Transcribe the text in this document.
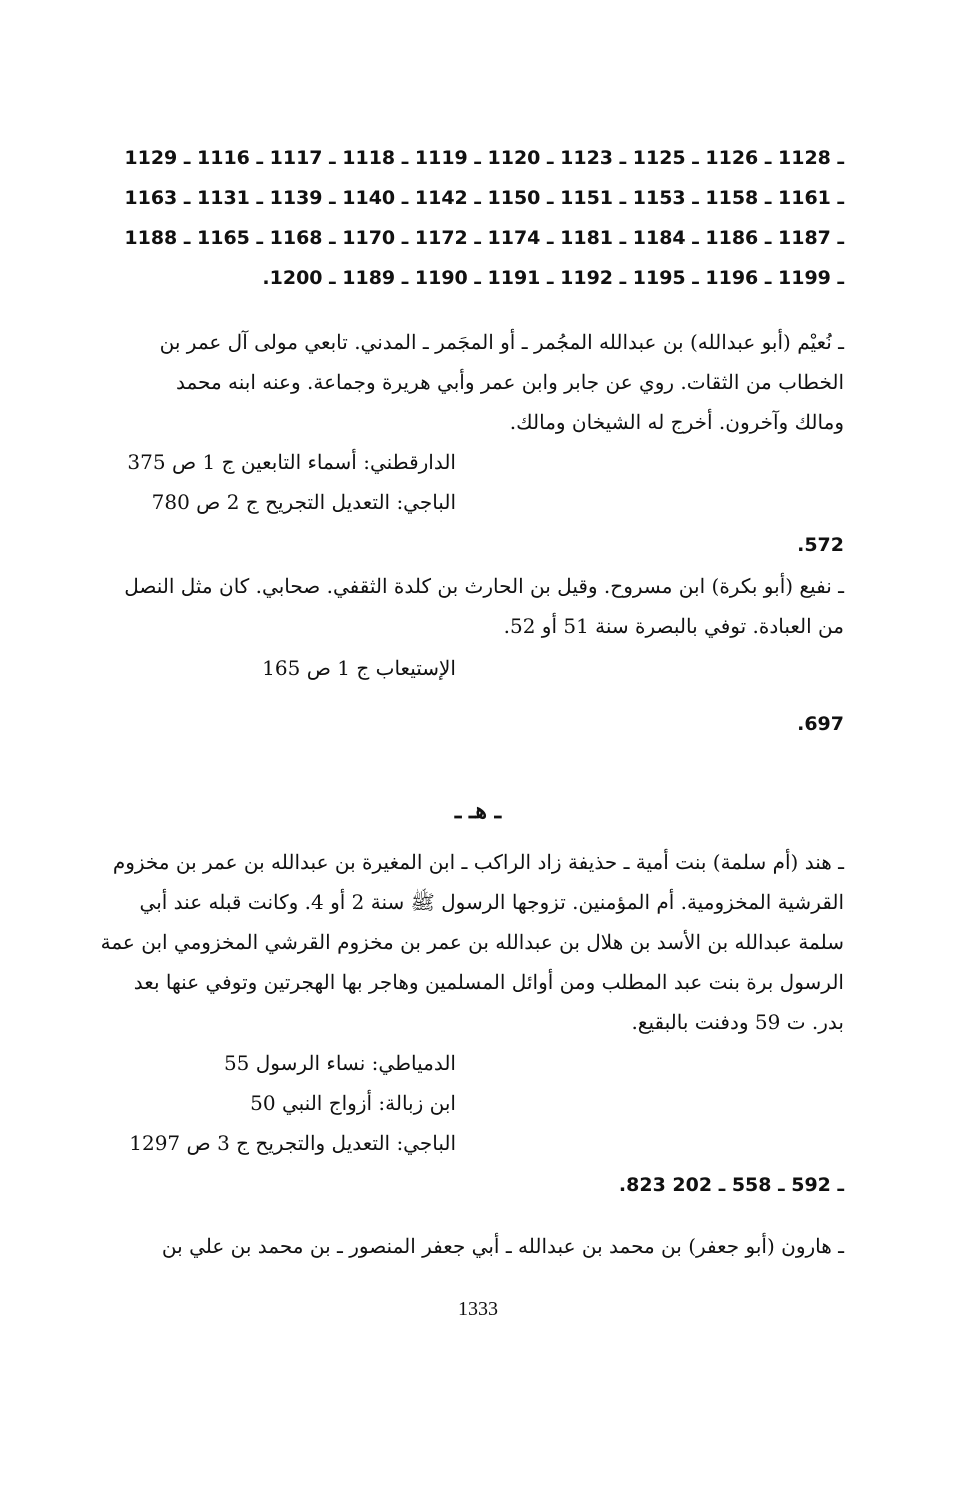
1129 ـ 1128 ـ 1126 ـ 1125 ـ 1123 ـ 1120 ـ 1119 ـ 1118 ـ 1117 ـ 1116 ـ

1163 ـ 1161 ـ 1158 ـ 1153 ـ 1151 ـ 1150 ـ 1142 ـ 1140 ـ 1139 ـ 1131 ـ

1188 ـ 1187 ـ 1186 ـ 1184 ـ 1181 ـ 1174 ـ 1172 ـ 1170 ـ 1168 ـ 1165 ـ

.1200 ـ 1199 ـ 1196 ـ 1195 ـ 1192 ـ 1191 ـ 1190 ـ 1189 ـ

ـ نُعيْم (أبو عبدالله) بن عبدالله المجُمر ـ أو المجَمر ـ المدني. تابعي مولى آل عمر بن

الخطاب من الثقات. روي عن جابر وابن عمر وأبي هريرة وجماعة. وعنه ابنه محمد

ومالك وآخرون. أخرج له الشيخان ومالك.

الدارقطني: أسماء التابعين ج 1 ص 375
الباجي: التعديل التجريح ج 2 ص 780
.572

ـ نفيع (أبو بكرة) ابن مسروح. وقيل بن الحارث بن كلدة الثقفي. صحابي. كان مثل النصل

من العبادة. توفي بالبصرة سنة 51 أو 52.

الإستيعاب ج 1 ص 165
.697
ـ هـ ـ

ـ هند (أم سلمة) بنت أمية ـ حذيفة زاد الراكب ـ ابن المغيرة بن عبدالله بن عمر بن مخزوم

القرشية المخزومية. أم المؤمنين. تزوجها الرسول ﷺ سنة 2 أو 4. وكانت قبله عند أبي

سلمة عبدالله بن الأسد بن هلال بن عبدالله بن عمر بن مخزوم القرشي المخزومي ابن عمة

الرسول برة بنت عبد المطلب ومن أوائل المسلمين وهاجر بها الهجرتين وتوفي عنها بعد

بدر. ت 59 ودفنت بالبقيع.

الدمياطي: نساء الرسول 55
ابن زبالة: أزواج النبي 50
الباجي: التعديل والتجريح ج 3 ص 1297
.823 ـ 592 ـ 558 ـ 202

ـ هارون (أبو جعفر) بن محمد بن عبدالله ـ أبي جعفر المنصور ـ بن محمد بن علي بن

1333
